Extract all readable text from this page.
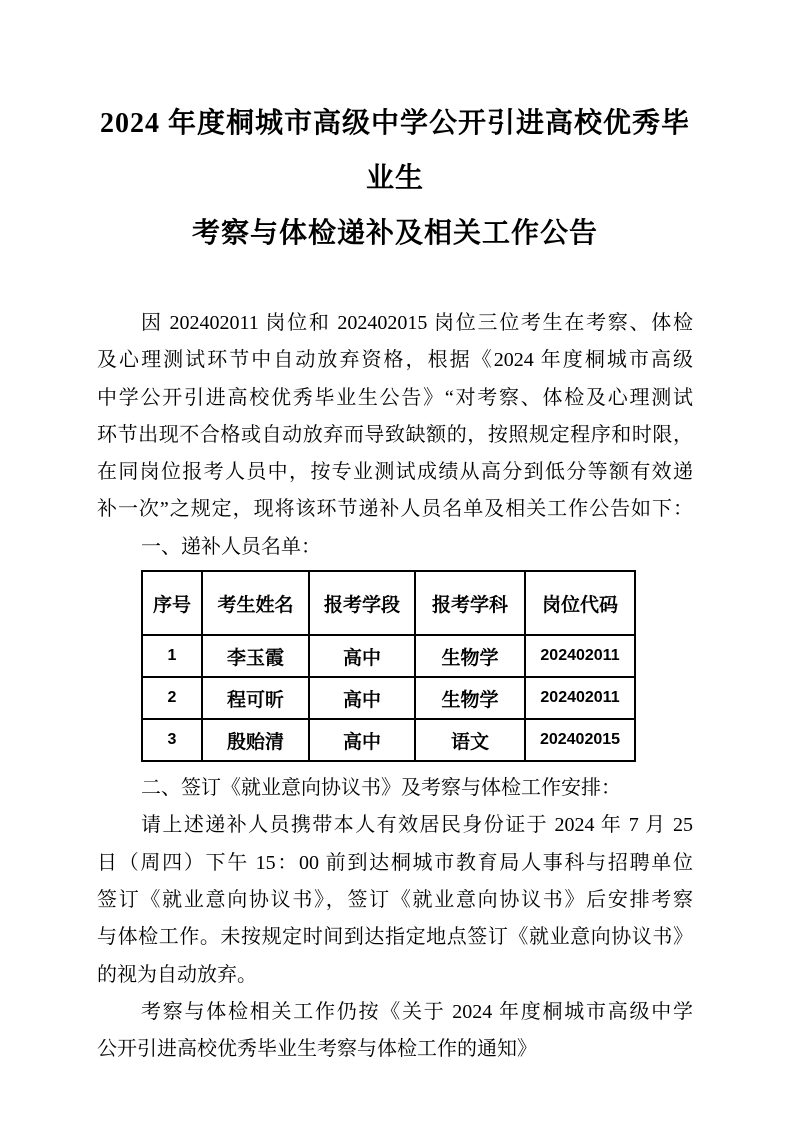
2024 年度桐城市高级中学公开引进高校优秀毕业生
考察与体检递补及相关工作公告
因 202402011 岗位和 202402015 岗位三位考生在考察、体检
及心理测试环节中自动放弃资格，根据《2024 年度桐城市高级
中学公开引进高校优秀毕业生公告》“对考察、体检及心理测试
环节出现不合格或自动放弃而导致缺额的，按照规定程序和时限，
在同岗位报考人员中，按专业测试成绩从高分到低分等额有效递
补一次”之规定，现将该环节递补人员名单及相关工作公告如下：
一、递补人员名单：
序号	考生姓名	报考学段	报考学科	岗位代码
1	李玉霞	高中	生物学	202402011
2	程可昕	高中	生物学	202402011
3	殷贻清	高中	语文	202402015
二、签订《就业意向协议书》及考察与体检工作安排：
请上述递补人员携带本人有效居民身份证于 2024 年 7 月 25
日（周四）下午 15：00 前到达桐城市教育局人事科与招聘单位
签订《就业意向协议书》，签订《就业意向协议书》后安排考察
与体检工作。未按规定时间到达指定地点签订《就业意向协议书》
的视为自动放弃。
考察与体检相关工作仍按《关于 2024 年度桐城市高级中学
公开引进高校优秀毕业生考察与体检工作的通知》
